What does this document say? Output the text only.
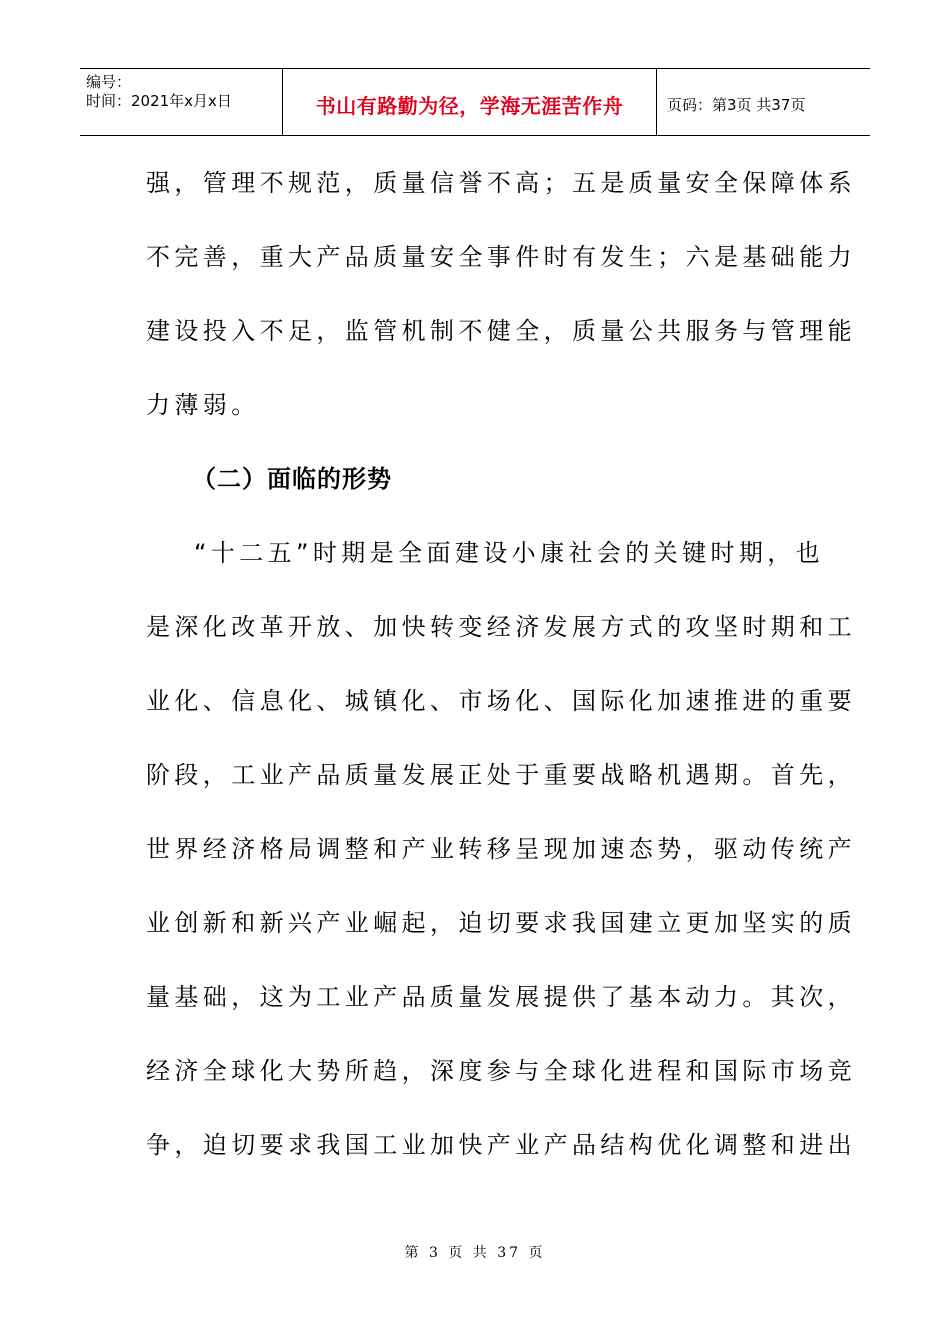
编号：
时间：2021年x月x日	书山有路勤为径，学海无涯苦作舟	页码：第3页 共37页
强，管理不规范，质量信誉不高；五是质量安全保障体系
不完善，重大产品质量安全事件时有发生；六是基础能力
建设投入不足，监管机制不健全，质量公共服务与管理能
力薄弱。
（二）面临的形势
“十二五”时期是全面建设小康社会的关键时期，也
是深化改革开放、加快转变经济发展方式的攻坚时期和工
业化、信息化、城镇化、市场化、国际化加速推进的重要
阶段，工业产品质量发展正处于重要战略机遇期。首先，
世界经济格局调整和产业转移呈现加速态势，驱动传统产
业创新和新兴产业崛起，迫切要求我国建立更加坚实的质
量基础，这为工业产品质量发展提供了基本动力。其次，
经济全球化大势所趋，深度参与全球化进程和国际市场竞
争，迫切要求我国工业加快产业产品结构优化调整和进出
第 3 页 共 37 页
